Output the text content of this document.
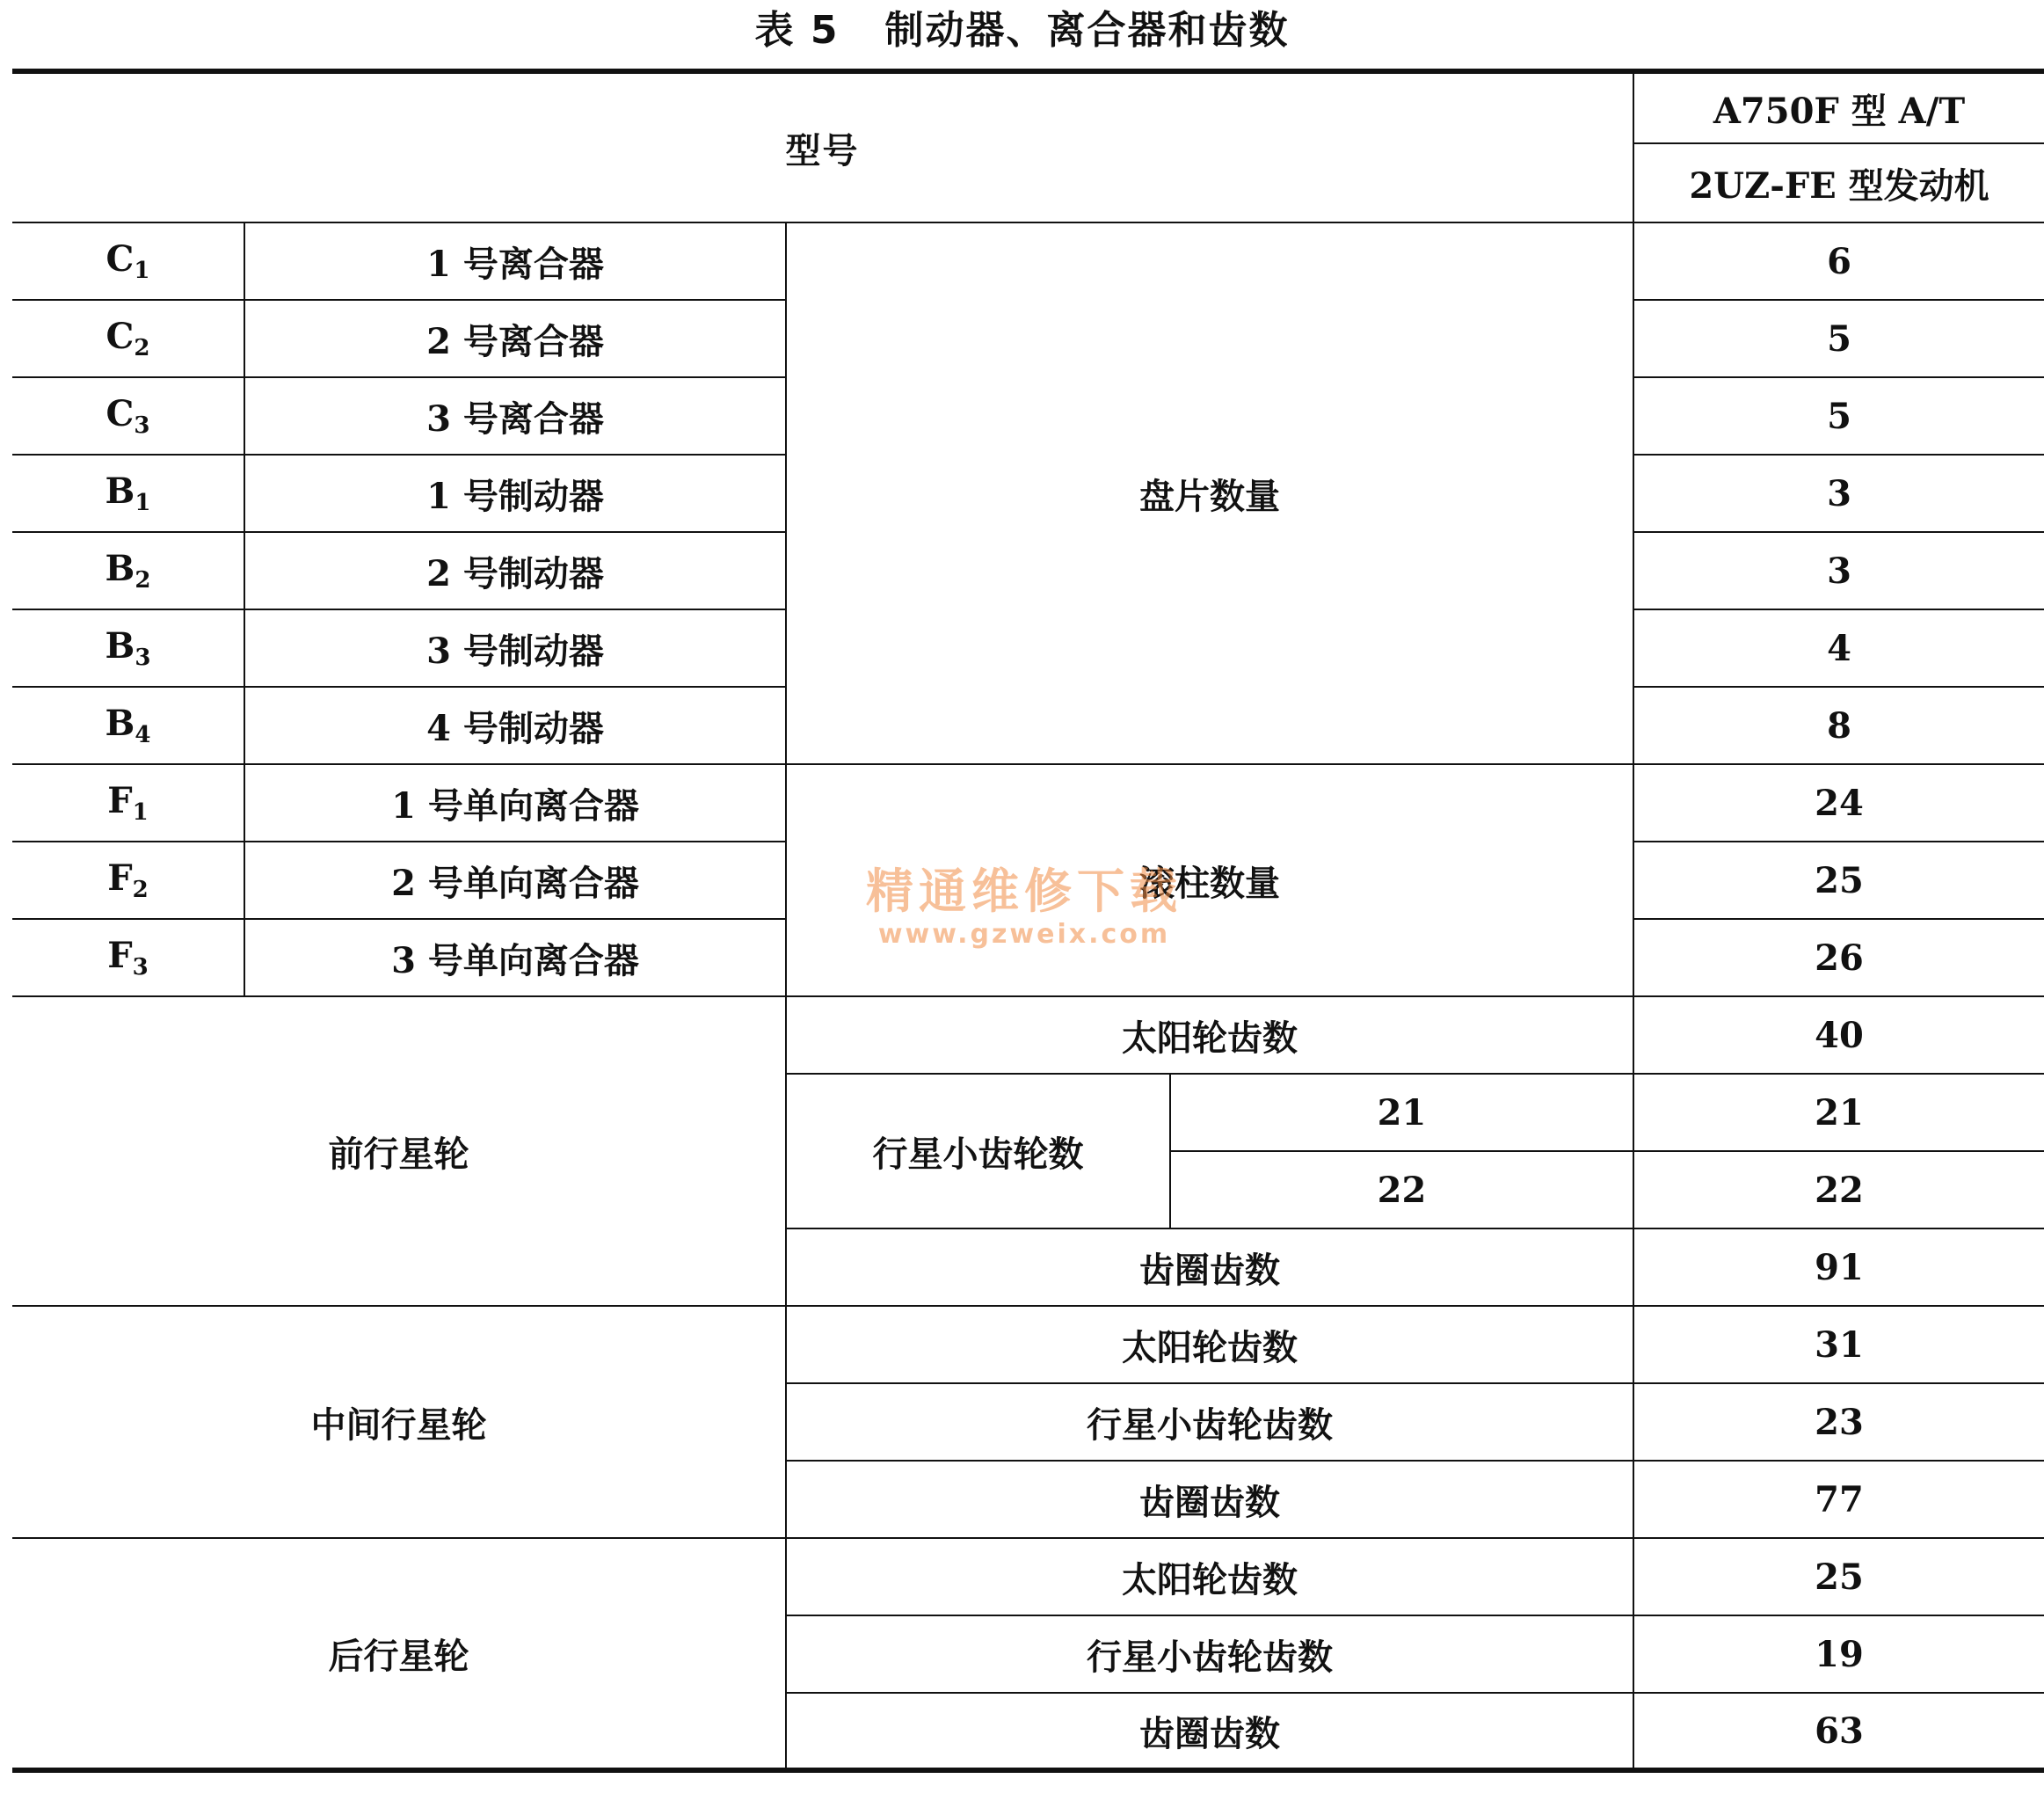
表 5 制动器、离合器和齿数
型号				A750F 型 A/T
				2UZ-FE 型发动机
$C_1$	1 号离合器	盘片数量		6
$C_2$	2 号离合器			5
$C_3$	3 号离合器			5
$B_1$	1 号制动器			3
$B_2$	2 号制动器			3
$B_3$	3 号制动器			4
$B_4$	4 号制动器			8
$F_1$	1 号单向离合器	滚柱数量		24
$F_2$	2 号单向离合器			25
$F_3$	3 号单向离合器			26
前行星轮		太阳轮齿数		40
		行星小齿轮数	21	21
			22	22
		齿圈齿数		91
中间行星轮		太阳轮齿数		31
		行星小齿轮齿数		23
		齿圈齿数		77
后行星轮		太阳轮齿数		25
		行星小齿轮齿数		19
		齿圈齿数		63
精通维修下载
www.gzweix.com
